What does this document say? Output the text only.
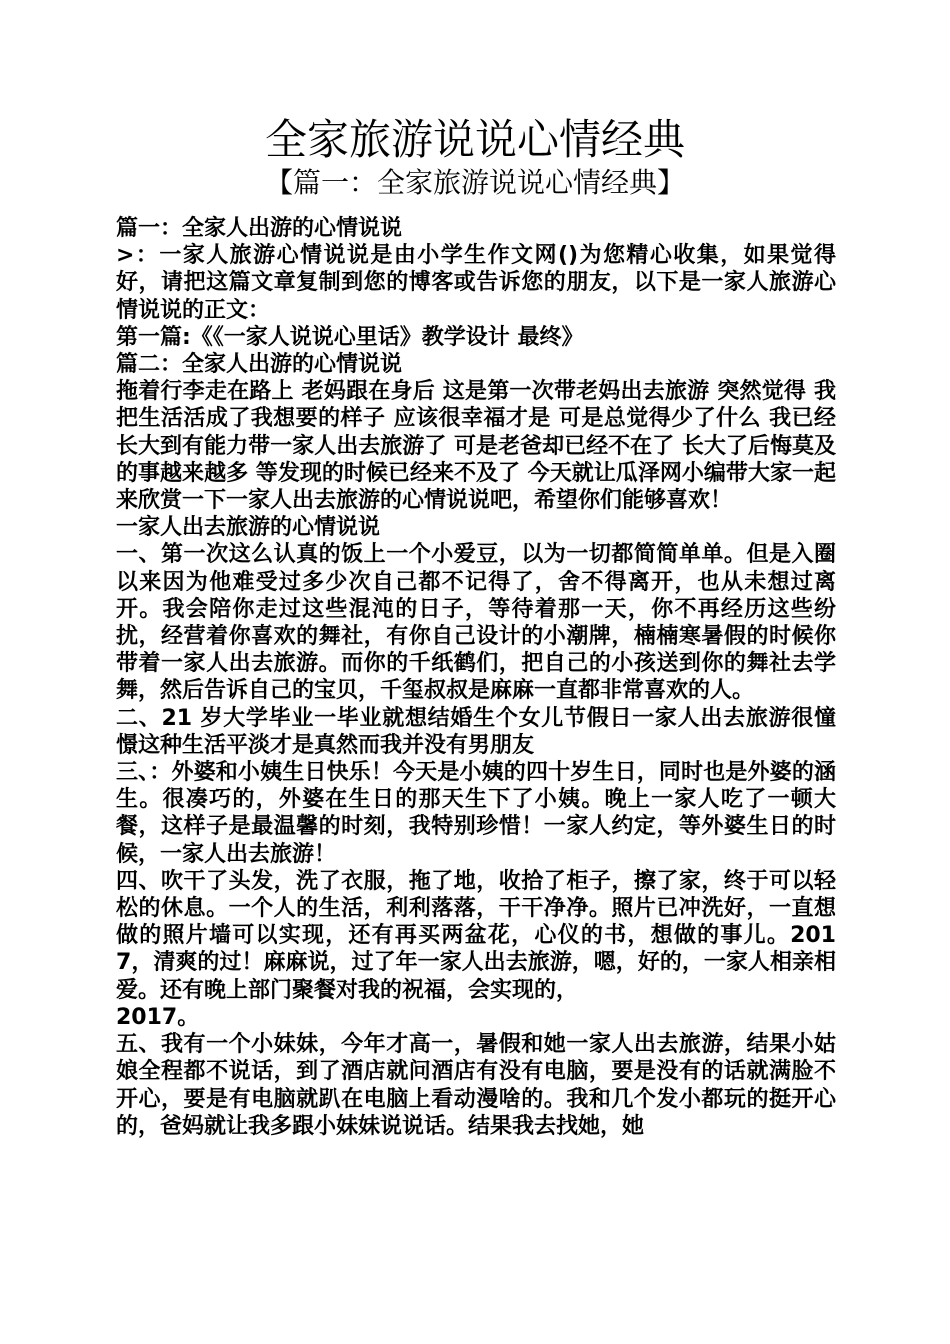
全家旅游说说心情经典
【篇一：全家旅游说说心情经典】

篇一：全家人出游的心情说说

>：一家人旅游心情说说是由小学生作文网()为您精心收集，如果觉得好，请把这篇文章复制到您的博客或告诉您的朋友，以下是一家人旅游心情说说的正文：

第一篇:《《一家人说说心里话》教学设计 最终》

篇二：全家人出游的心情说说

拖着行李走在路上 老妈跟在身后 这是第一次带老妈出去旅游 突然觉得 我把生活活成了我想要的样子 应该很幸福才是 可是总觉得少了什么 我已经长大到有能力带一家人出去旅游了 可是老爸却已经不在了 长大了后悔莫及的事越来越多 等发现的时候已经来不及了 今天就让瓜泽网小编带大家一起来欣赏一下一家人出去旅游的心情说说吧，希望你们能够喜欢！

一家人出去旅游的心情说说

一、第一次这么认真的饭上一个小爱豆，以为一切都简简单单。但是入圈以来因为他难受过多少次自己都不记得了，舍不得离开，也从未想过离开。我会陪你走过这些混沌的日子，等待着那一天，你不再经历这些纷扰，经营着你喜欢的舞社，有你自己设计的小潮牌，楠楠寒暑假的时候你带着一家人出去旅游。而你的千纸鹤们，把自己的小孩送到你的舞社去学舞，然后告诉自己的宝贝，千玺叔叔是麻麻一直都非常喜欢的人。

二、21 岁大学毕业一毕业就想结婚生个女儿节假日一家人出去旅游很憧憬这种生活平淡才是真然而我并没有男朋友

三、：外婆和小姨生日快乐！今天是小姨的四十岁生日，同时也是外婆的涵生。很凑巧的，外婆在生日的那天生下了小姨。晚上一家人吃了一顿大餐，这样子是最温馨的时刻，我特别珍惜！一家人约定，等外婆生日的时候，一家人出去旅游！

四、吹干了头发，洗了衣服，拖了地，收拾了柜子，擦了家，终于可以轻松的休息。一个人的生活，利利落落，干干净净。照片已冲洗好，一直想做的照片墙可以实现，还有再买两盆花，心仪的书，想做的事儿。2017，清爽的过！麻麻说，过了年一家人出去旅游，嗯，好的，一家人相亲相爱。还有晚上部门聚餐对我的祝福，会实现的，

2017。

五、我有一个小妹妹，今年才高一，暑假和她一家人出去旅游，结果小姑娘全程都不说话，到了酒店就问酒店有没有电脑，要是没有的话就满脸不开心，要是有电脑就趴在电脑上看动漫啥的。我和几个发小都玩的挺开心的，爸妈就让我多跟小妹妹说说话。结果我去找她，她
